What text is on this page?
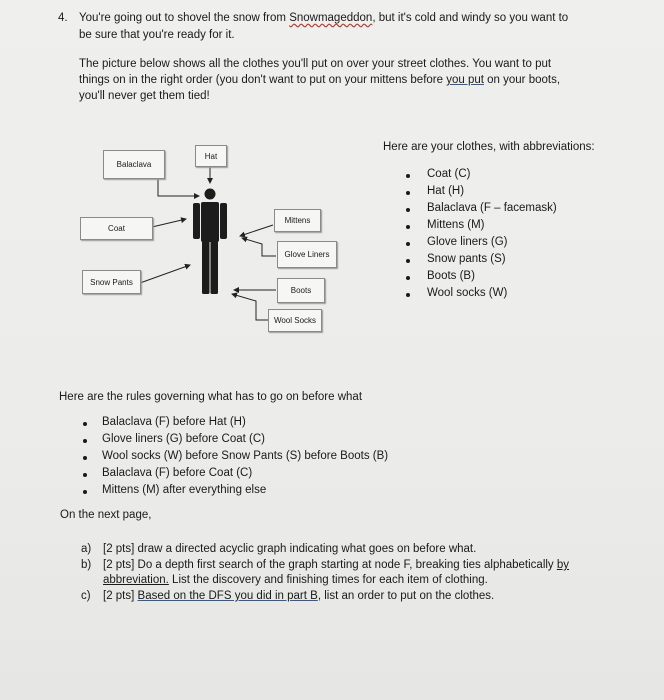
4. You're going out to shovel the snow from Snowmageddon, but it's cold and windy so you want to
be sure that you're ready for it.
The picture below shows all the clothes you'll put on over your street clothes. You want to put
things on in the right order (you don't want to put on your mittens before you put on your boots,
you'll never get them tied!
Hat
Balaclava
Coat
Mittens
Glove Liners
Snow Pants
Boots
Wool Socks
Here are your clothes, with abbreviations:
Coat (C)
Hat (H)
Balaclava (F – facemask)
Mittens (M)
Glove liners (G)
Snow pants (S)
Boots (B)
Wool socks (W)
Here are the rules governing what has to go on before what
Balaclava (F) before Hat (H)
Glove liners (G) before Coat (C)
Wool socks (W) before Snow Pants (S) before Boots (B)
Balaclava (F) before Coat (C)
Mittens (M) after everything else
On the next page,
a) [2 pts] draw a directed acyclic graph indicating what goes on before what.
b) [2 pts] Do a depth first search of the graph starting at node F, breaking ties alphabetically by
abbreviation. List the discovery and finishing times for each item of clothing.
c) [2 pts] Based on the DFS you did in part B, list an order to put on the clothes.
